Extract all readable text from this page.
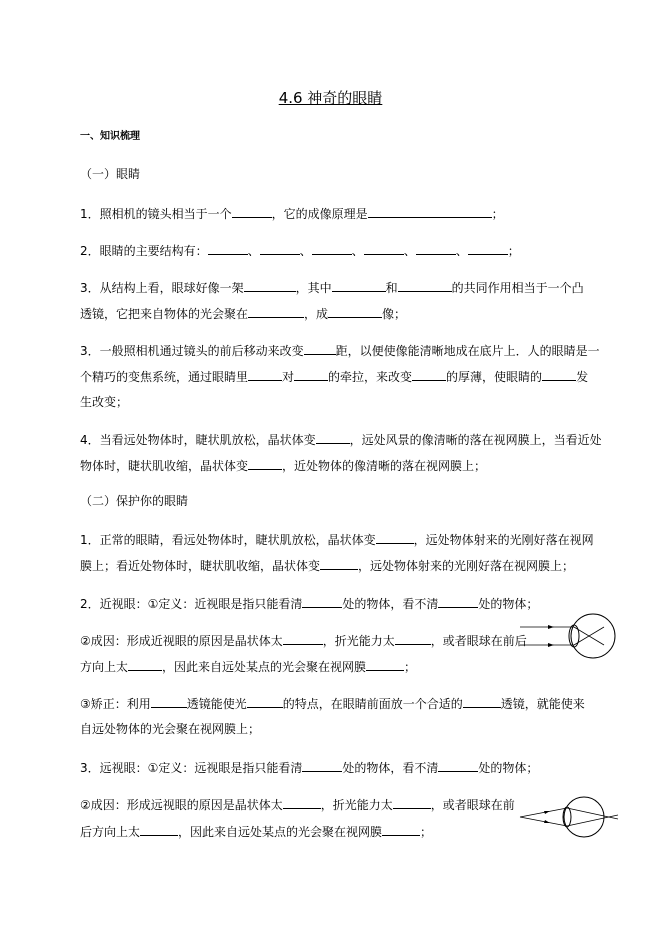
4.6 神奇的眼睛
一、知识梳理
（一）眼睛
1．照相机的镜头相当于一个	，它的成像原理是	；
2．眼睛的主要结构有：	、	、	、	、	、	；
3．从结构上看，眼球好像一架	，其中	和	的共同作用相当于一个凸
透镜，它把来自物体的光会聚在	，成	像；
3．一般照相机通过镜头的前后移动来改变	距，以便使像能清晰地成在底片上．人的眼睛是一
个精巧的变焦系统，通过眼睛里	对	的牵拉，来改变	的厚薄，使眼睛的	发
生改变；
4．当看远处物体时，睫状肌放松，晶状体变	，远处风景的像清晰的落在视网膜上，当看近处
物体时，睫状肌收缩，晶状体变	，近处物体的像清晰的落在视网膜上；
（二）保护你的眼睛
1．正常的眼睛，看远处物体时，睫状肌放松，晶状体变	，远处物体射来的光刚好落在视网
膜上；看近处物体时，睫状肌收缩，晶状体变	，远处物体射来的光刚好落在视网膜上；
2．近视眼：①定义：近视眼是指只能看清	处的物体，看不清	处的物体；
②成因：形成近视眼的原因是晶状体太	，折光能力太	，或者眼球在前后
方向上太	，因此来自远处某点的光会聚在视网膜	；
③矫正：利用	透镜能使光	的特点，在眼睛前面放一个合适的	透镜，就能使来
自远处物体的光会聚在视网膜上；
3．远视眼：①定义：远视眼是指只能看清	处的物体，看不清	处的物体；
②成因：形成远视眼的原因是晶状体太	，折光能力太	，或者眼球在前
后方向上太	，因此来自远处某点的光会聚在视网膜	；
